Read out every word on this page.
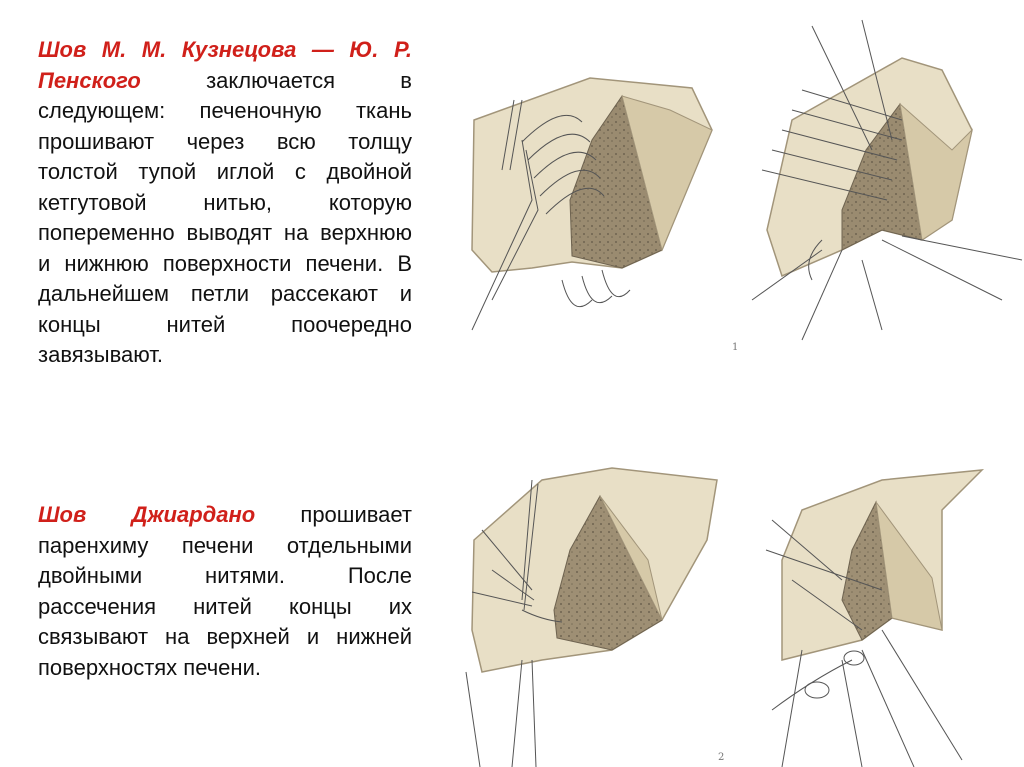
Шов М. М. Кузнецова — Ю. Р. Пенского заключается в следующем: печеночную ткань прошивают через всю толщу толстой тупой иглой с двойной кетгутовой нитью, которую попеременно выводят на верхнюю и нижнюю поверхности печени. В дальнейшем петли рассекают и концы нитей поочередно завязывают.

Шов Джиардано прошивает паренхиму печени отдельными двойными нитями. После рассечения нитей концы их связывают на верхней и нижней поверхностях печени.

1
2
